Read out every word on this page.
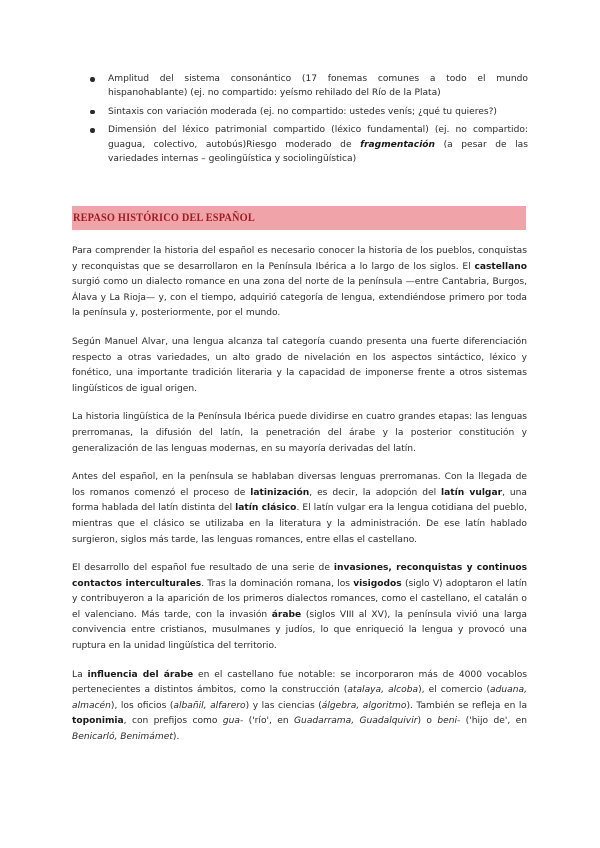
Amplitud del sistema consonántico (17 fonemas comunes a todo el mundo hispanohablante) (ej. no compartido: yeísmo rehilado del Río de la Plata)
Sintaxis con variación moderada (ej. no compartido: ustedes venís; ¿qué tu quieres?)
Dimensión del léxico patrimonial compartido (léxico fundamental) (ej. no compartido: guagua, colectivo, autobús)Riesgo moderado de fragmentación (a pesar de las variedades internas – geolingüística y sociolingüística)
REPASO HISTÓRICO DEL ESPAÑOL

Para comprender la historia del español es necesario conocer la historia de los pueblos, conquistas y reconquistas que se desarrollaron en la Península Ibérica a lo largo de los siglos. El castellano surgió como un dialecto romance en una zona del norte de la península —entre Cantabria, Burgos, Álava y La Rioja— y, con el tiempo, adquirió categoría de lengua, extendiéndose primero por toda la península y, posteriormente, por el mundo.

Según Manuel Alvar, una lengua alcanza tal categoría cuando presenta una fuerte diferenciación respecto a otras variedades, un alto grado de nivelación en los aspectos sintáctico, léxico y fonético, una importante tradición literaria y la capacidad de imponerse frente a otros sistemas lingüísticos de igual origen.

La historia lingüística de la Península Ibérica puede dividirse en cuatro grandes etapas: las lenguas prerromanas, la difusión del latín, la penetración del árabe y la posterior constitución y generalización de las lenguas modernas, en su mayoría derivadas del latín.

Antes del español, en la península se hablaban diversas lenguas prerromanas. Con la llegada de los romanos comenzó el proceso de latinización, es decir, la adopción del latín vulgar, una forma hablada del latín distinta del latín clásico. El latín vulgar era la lengua cotidiana del pueblo, mientras que el clásico se utilizaba en la literatura y la administración. De ese latín hablado surgieron, siglos más tarde, las lenguas romances, entre ellas el castellano.

El desarrollo del español fue resultado de una serie de invasiones, reconquistas y continuos contactos interculturales. Tras la dominación romana, los visigodos (siglo V) adoptaron el latín y contribuyeron a la aparición de los primeros dialectos romances, como el castellano, el catalán o el valenciano. Más tarde, con la invasión árabe (siglos VIII al XV), la península vivió una larga convivencia entre cristianos, musulmanes y judíos, lo que enriqueció la lengua y provocó una ruptura en la unidad lingüística del territorio.

La influencia del árabe en el castellano fue notable: se incorporaron más de 4000 vocablos pertenecientes a distintos ámbitos, como la construcción (atalaya, alcoba), el comercio (aduana, almacén), los oficios (albañil, alfarero) y las ciencias (álgebra, algoritmo). También se refleja en la toponimia, con prefijos como gua- ('río', en Guadarrama, Guadalquivir) o beni- ('hijo de', en Benicarló, Benimámet).
